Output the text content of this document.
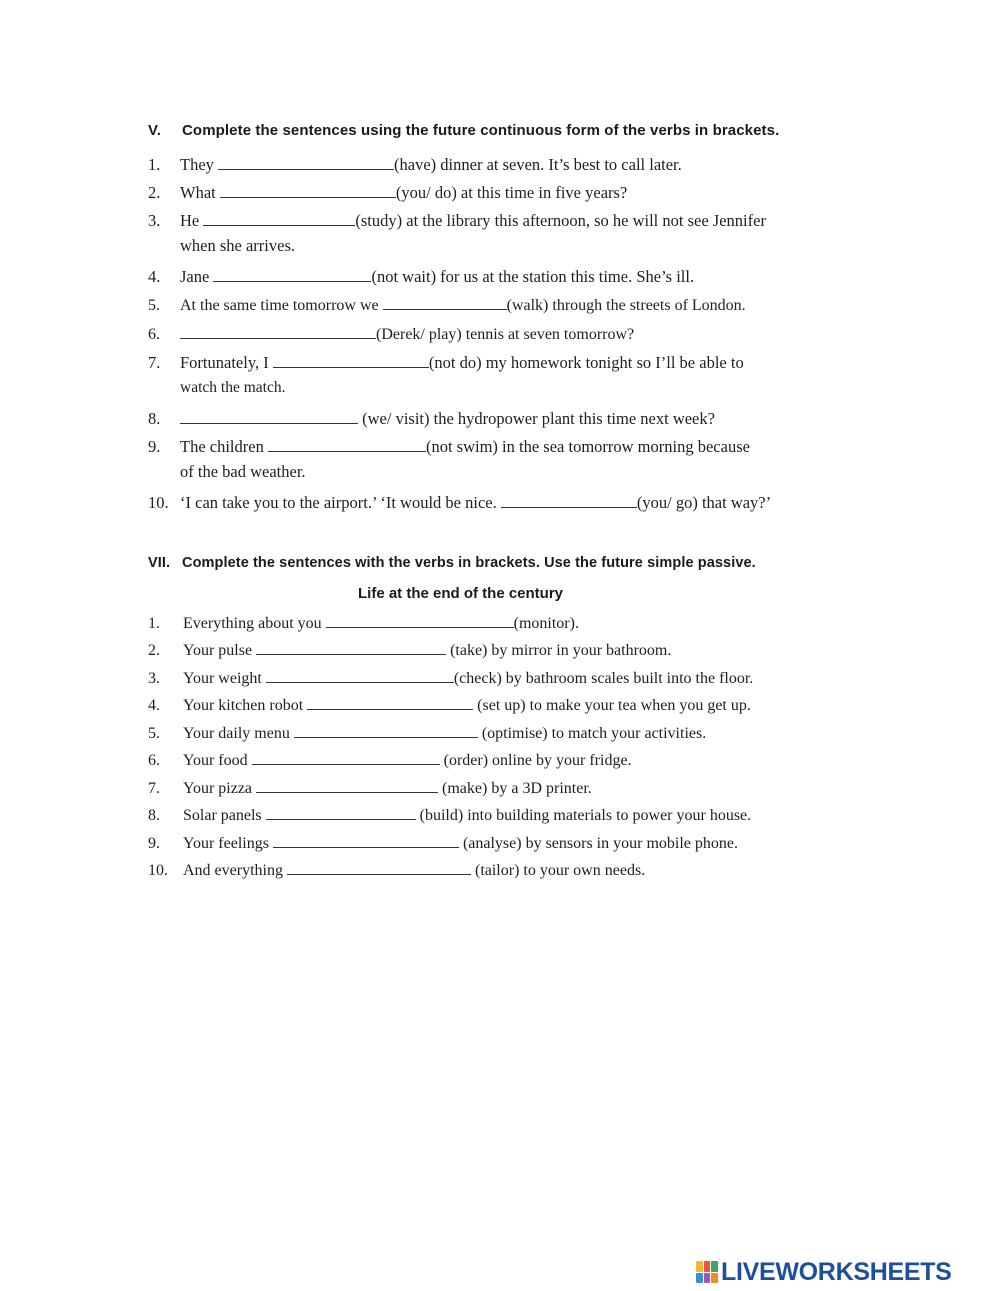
V. Complete the sentences using the future continuous form of the verbs in brackets.
1.	They	(have) dinner at seven. It’s best to call later.
2.	What	(you/ do) at this time in five years?
3.	He	(study) at the library this afternoon, so he will not see Jennifer
when she arrives.
4.	Jane	(not wait) for us at the station this time. She’s ill.
5.	At the same time tomorrow we	(walk) through the streets of London.
6.	(Derek/ play) tennis at seven tomorrow?
7.	Fortunately, I	(not do) my homework tonight so I’ll be able to
watch the match.
8.	(we/ visit) the hydropower plant this time next week?
9.	The children	(not swim) in the sea tomorrow morning because
of the bad weather.
10. ‘I can take you to the airport.’ ‘It would be nice.	(you/ go) that way?’
VII. Complete the sentences with the verbs in brackets. Use the future simple passive.
Life at the end of the century
1.	Everything about you	(monitor).
2.	Your pulse	(take) by mirror in your bathroom.
3.	Your weight	(check) by bathroom scales built into the floor.
4.	Your kitchen robot	(set up) to make your tea when you get up.
5.	Your daily menu	(optimise) to match your activities.
6.	Your food	(order) online by your fridge.
7.	Your pizza	(make) by a 3D printer.
8.	Solar panels	(build) into building materials to power your house.
9.	Your feelings	(analyse) by sensors in your mobile phone.
10. And everything	(tailor) to your own needs.
LIVEWORKSHEETS
